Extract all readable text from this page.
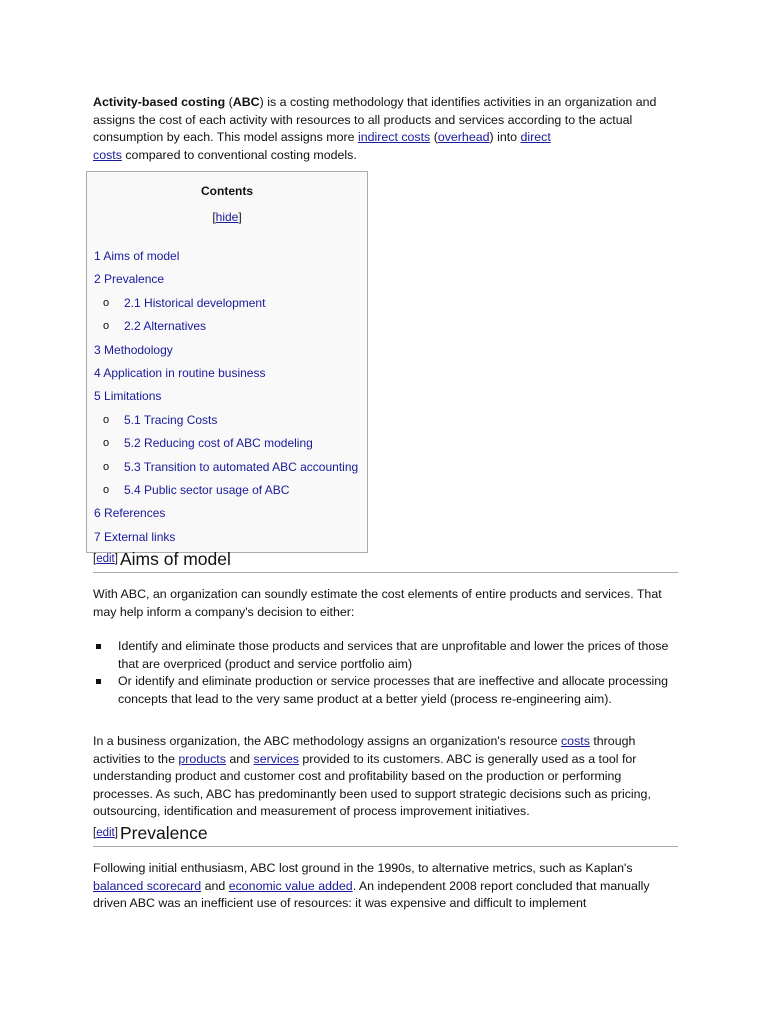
Activity-based costing (ABC) is a costing methodology that identifies activities in an organization and assigns the cost of each activity with resources to all products and services according to the actual consumption by each. This model assigns more indirect costs (overhead) into direct
costs compared to conventional costing models.

Contents
[hide]
1 Aims of model
2 Prevalence
o 2.1 Historical development
o 2.2 Alternatives
3 Methodology
4 Application in routine business
5 Limitations
o 5.1 Tracing Costs
o 5.2 Reducing cost of ABC modeling
o 5.3 Transition to automated ABC accounting
o 5.4 Public sector usage of ABC
6 References
7 External links
[edit] Aims of model

With ABC, an organization can soundly estimate the cost elements of entire products and services. That may help inform a company's decision to either:

Identify and eliminate those products and services that are unprofitable and lower the prices of those that are overpriced (product and service portfolio aim)
Or identify and eliminate production or service processes that are ineffective and allocate processing concepts that lead to the very same product at a better yield (process re-engineering aim).

In a business organization, the ABC methodology assigns an organization's resource costs through activities to the products and services provided to its customers. ABC is generally used as a tool for understanding product and customer cost and profitability based on the production or performing processes. As such, ABC has predominantly been used to support strategic decisions such as pricing, outsourcing, identification and measurement of process improvement initiatives.

[edit] Prevalence

Following initial enthusiasm, ABC lost ground in the 1990s, to alternative metrics, such as Kaplan's balanced scorecard and economic value added. An independent 2008 report concluded that manually driven ABC was an inefficient use of resources: it was expensive and difficult to implement
